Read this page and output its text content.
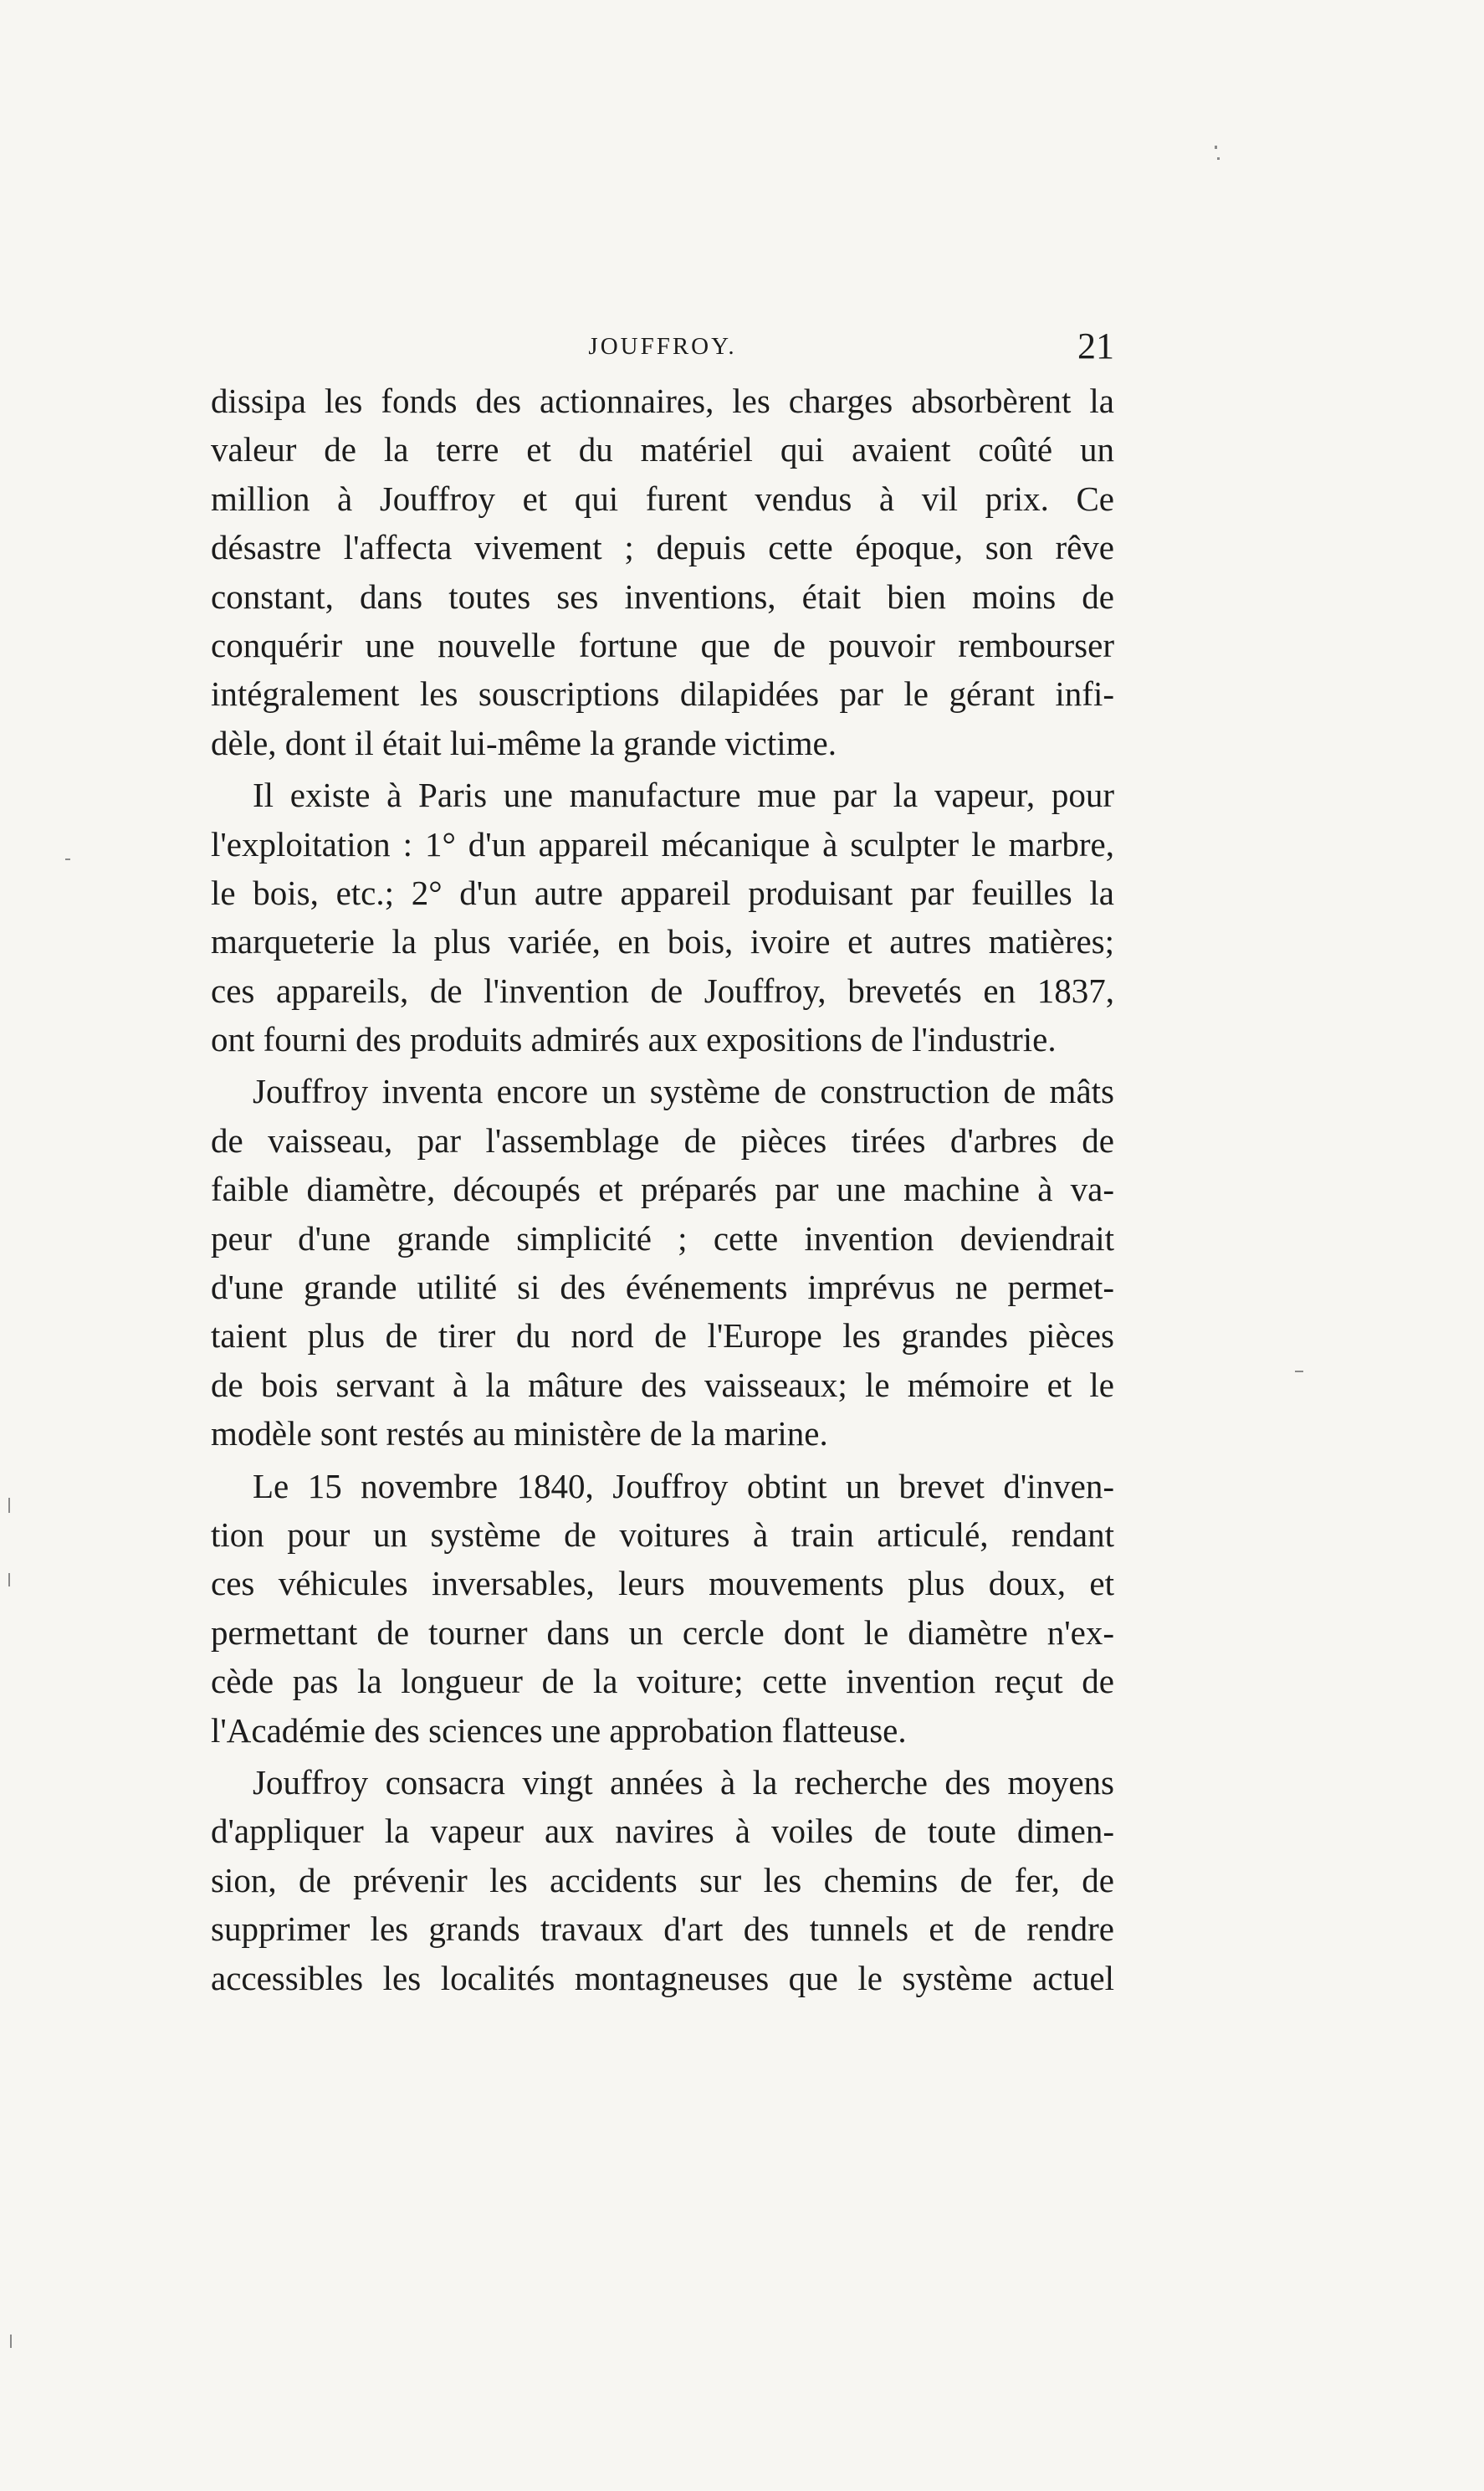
JOUFFROY.	21
dissipa les fonds des actionnaires, les charges absorbèrent la
valeur de la terre et du matériel qui avaient coûté un
million à Jouffroy et qui furent vendus à vil prix. Ce
désastre l'affecta vivement ; depuis cette époque, son rêve
constant, dans toutes ses inventions, était bien moins de
conquérir une nouvelle fortune que de pouvoir rembourser
intégralement les souscriptions dilapidées par le gérant infi-
dèle, dont il était lui-même la grande victime.
Il existe à Paris une manufacture mue par la vapeur, pour
l'exploitation : 1° d'un appareil mécanique à sculpter le marbre,
le bois, etc.; 2° d'un autre appareil produisant par feuilles la
marqueterie la plus variée, en bois, ivoire et autres matières;
ces appareils, de l'invention de Jouffroy, brevetés en 1837,
ont fourni des produits admirés aux expositions de l'industrie.
Jouffroy inventa encore un système de construction de mâts
de vaisseau, par l'assemblage de pièces tirées d'arbres de
faible diamètre, découpés et préparés par une machine à va-
peur d'une grande simplicité ; cette invention deviendrait
d'une grande utilité si des événements imprévus ne permet-
taient plus de tirer du nord de l'Europe les grandes pièces
de bois servant à la mâture des vaisseaux; le mémoire et le
modèle sont restés au ministère de la marine.
Le 15 novembre 1840, Jouffroy obtint un brevet d'inven-
tion pour un système de voitures à train articulé, rendant
ces véhicules inversables, leurs mouvements plus doux, et
permettant de tourner dans un cercle dont le diamètre n'ex-
cède pas la longueur de la voiture; cette invention reçut de
l'Académie des sciences une approbation flatteuse.
Jouffroy consacra vingt années à la recherche des moyens
d'appliquer la vapeur aux navires à voiles de toute dimen-
sion, de prévenir les accidents sur les chemins de fer, de
supprimer les grands travaux d'art des tunnels et de rendre
accessibles les localités montagneuses que le système actuel
